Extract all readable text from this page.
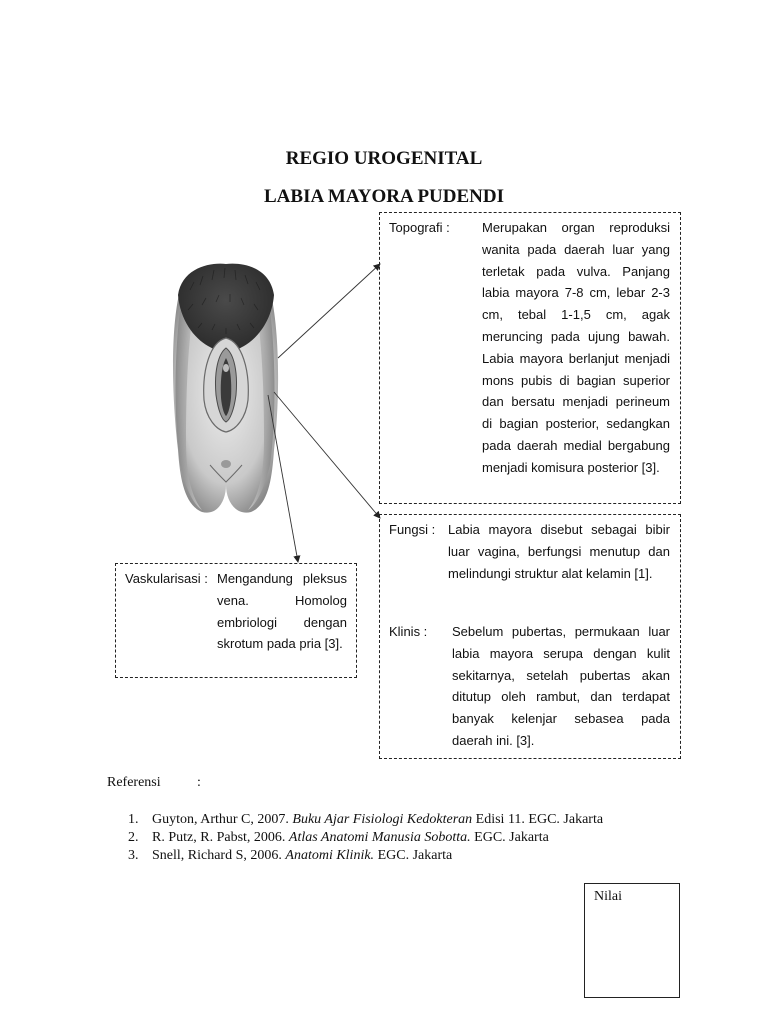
REGIO UROGENITAL
LABIA MAYORA PUDENDI
Topografi : Merupakan organ reproduksi wanita pada daerah luar yang terletak pada vulva. Panjang labia mayora 7-8 cm, lebar 2-3 cm, tebal 1-1,5 cm, agak meruncing pada ujung bawah. Labia mayora berlanjut menjadi mons pubis di bagian superior dan bersatu menjadi perineum di bagian posterior, sedangkan pada daerah medial bergabung menjadi komisura posterior [3].
Fungsi : Labia mayora disebut sebagai bibir luar vagina, berfungsi menutup dan melindungi struktur alat kelamin [1].
Klinis : Sebelum pubertas, permukaan luar labia mayora serupa dengan kulit sekitarnya, setelah pubertas akan ditutup oleh rambut, dan terdapat banyak kelenjar sebasea pada daerah ini. [3].
Vaskularisasi : Mengandung pleksus vena. Homolog embriologi dengan skrotum pada pria [3].
Referensi	:
1. Guyton, Arthur C, 2007. Buku Ajar Fisiologi Kedokteran Edisi 11. EGC. Jakarta
2. R. Putz, R. Pabst, 2006. Atlas Anatomi Manusia Sobotta. EGC. Jakarta
3. Snell, Richard S, 2006. Anatomi Klinik. EGC. Jakarta
Nilai
